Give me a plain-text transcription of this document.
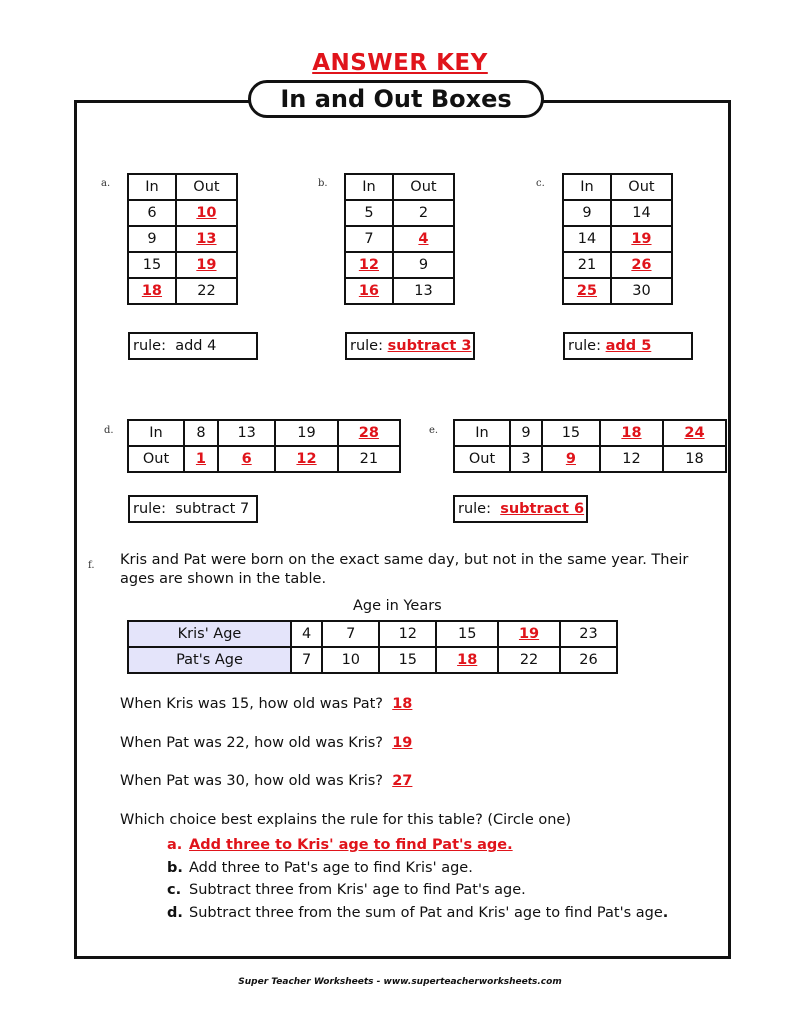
ANSWER KEY
In and Out Boxes
a. In	Out
6	10
9	13
15	19
18	22
rule: add 4
b. In	Out
5	2
7	4
12	9
16	13
rule: subtract 3
c. In	Out
9	14
14	19
21	26
25	30
rule: add 5
d. In	8	13	19	28
Out	1	6	12	21
rule: subtract 7
e.	In	9	15	18	24
Out	3	9	12	18
rule: subtract 6
f. Kris and Pat were born on the exact same day, but not in the same year. Their
ages are shown in the table.
Age in Years
Kris' Age	4	7	12	15	19	23
Pat's Age	7	10	15	18	22	26
When Kris was 15, how old was Pat? 18
When Pat was 22, how old was Kris? 19
When Pat was 30, how old was Kris? 27
Which choice best explains the rule for this table? (Circle one)
a. Add three to Kris' age to find Pat's age.
b. Add three to Pat's age to find Kris' age.
c. Subtract three from Kris' age to find Pat's age.
d. Subtract three from the sum of Pat and Kris' age to find Pat's age.
Super Teacher Worksheets - www.superteacherworksheets.com
